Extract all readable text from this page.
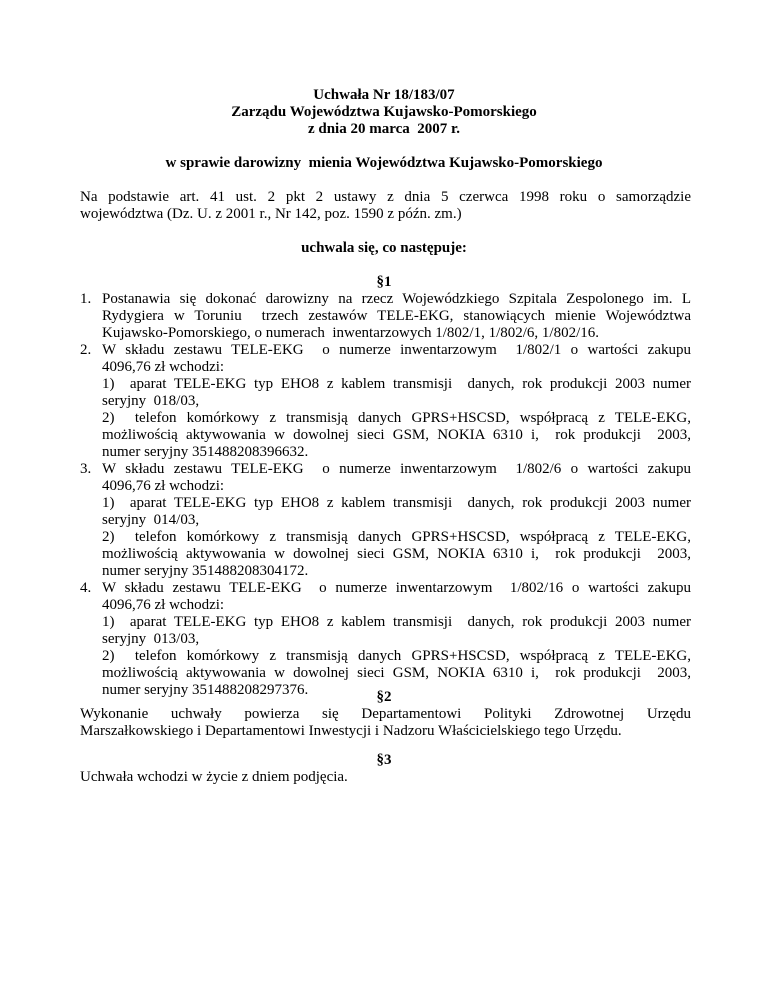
Uchwała Nr 18/183/07
Zarządu Województwa Kujawsko-Pomorskiego
z dnia 20 marca  2007 r.
w sprawie darowizny  mienia Województwa Kujawsko-Pomorskiego
Na podstawie art. 41 ust. 2 pkt 2 ustawy z dnia 5 czerwca 1998 roku o samorządzie
województwa (Dz. U. z 2001 r., Nr 142, poz. 1590 z późn. zm.)
uchwala się, co następuje:
§1
1. Postanawia się dokonać darowizny na rzecz Wojewódzkiego Szpitala Zespolonego im. L
Rydygiera w Toruniu  trzech zestawów TELE-EKG, stanowiących mienie Województwa
Kujawsko-Pomorskiego, o numerach  inwentarzowych 1/802/1, 1/802/6, 1/802/16.
2. W składu zestawu TELE-EKG  o numerze inwentarzowym  1/802/1 o wartości zakupu
4096,76 zł wchodzi:
1)  aparat TELE-EKG typ EHO8 z kablem transmisji  danych, rok produkcji 2003 numer
seryjny  018/03,
2)  telefon komórkowy z transmisją danych GPRS+HSCSD, współpracą z TELE-EKG,
możliwością aktywowania w dowolnej sieci GSM, NOKIA 6310 i,  rok produkcji  2003,
numer seryjny 351488208396632.
3. W składu zestawu TELE-EKG  o numerze inwentarzowym  1/802/6 o wartości zakupu
4096,76 zł wchodzi:
1)  aparat TELE-EKG typ EHO8 z kablem transmisji  danych, rok produkcji 2003 numer
seryjny  014/03,
2)  telefon komórkowy z transmisją danych GPRS+HSCSD, współpracą z TELE-EKG,
możliwością aktywowania w dowolnej sieci GSM, NOKIA 6310 i,  rok produkcji  2003,
numer seryjny 351488208304172.
4. W składu zestawu TELE-EKG  o numerze inwentarzowym  1/802/16 o wartości zakupu
4096,76 zł wchodzi:
1)  aparat TELE-EKG typ EHO8 z kablem transmisji  danych, rok produkcji 2003 numer
seryjny  013/03,
2)  telefon komórkowy z transmisją danych GPRS+HSCSD, współpracą z TELE-EKG,
możliwością aktywowania w dowolnej sieci GSM, NOKIA 6310 i,  rok produkcji  2003,
numer seryjny 351488208297376.	§2
Wykonanie uchwały powierza się Departamentowi Polityki Zdrowotnej Urzędu
Marszałkowskiego i Departamentowi Inwestycji i Nadzoru Właścicielskiego tego Urzędu.
§3
Uchwała wchodzi w życie z dniem podjęcia.
